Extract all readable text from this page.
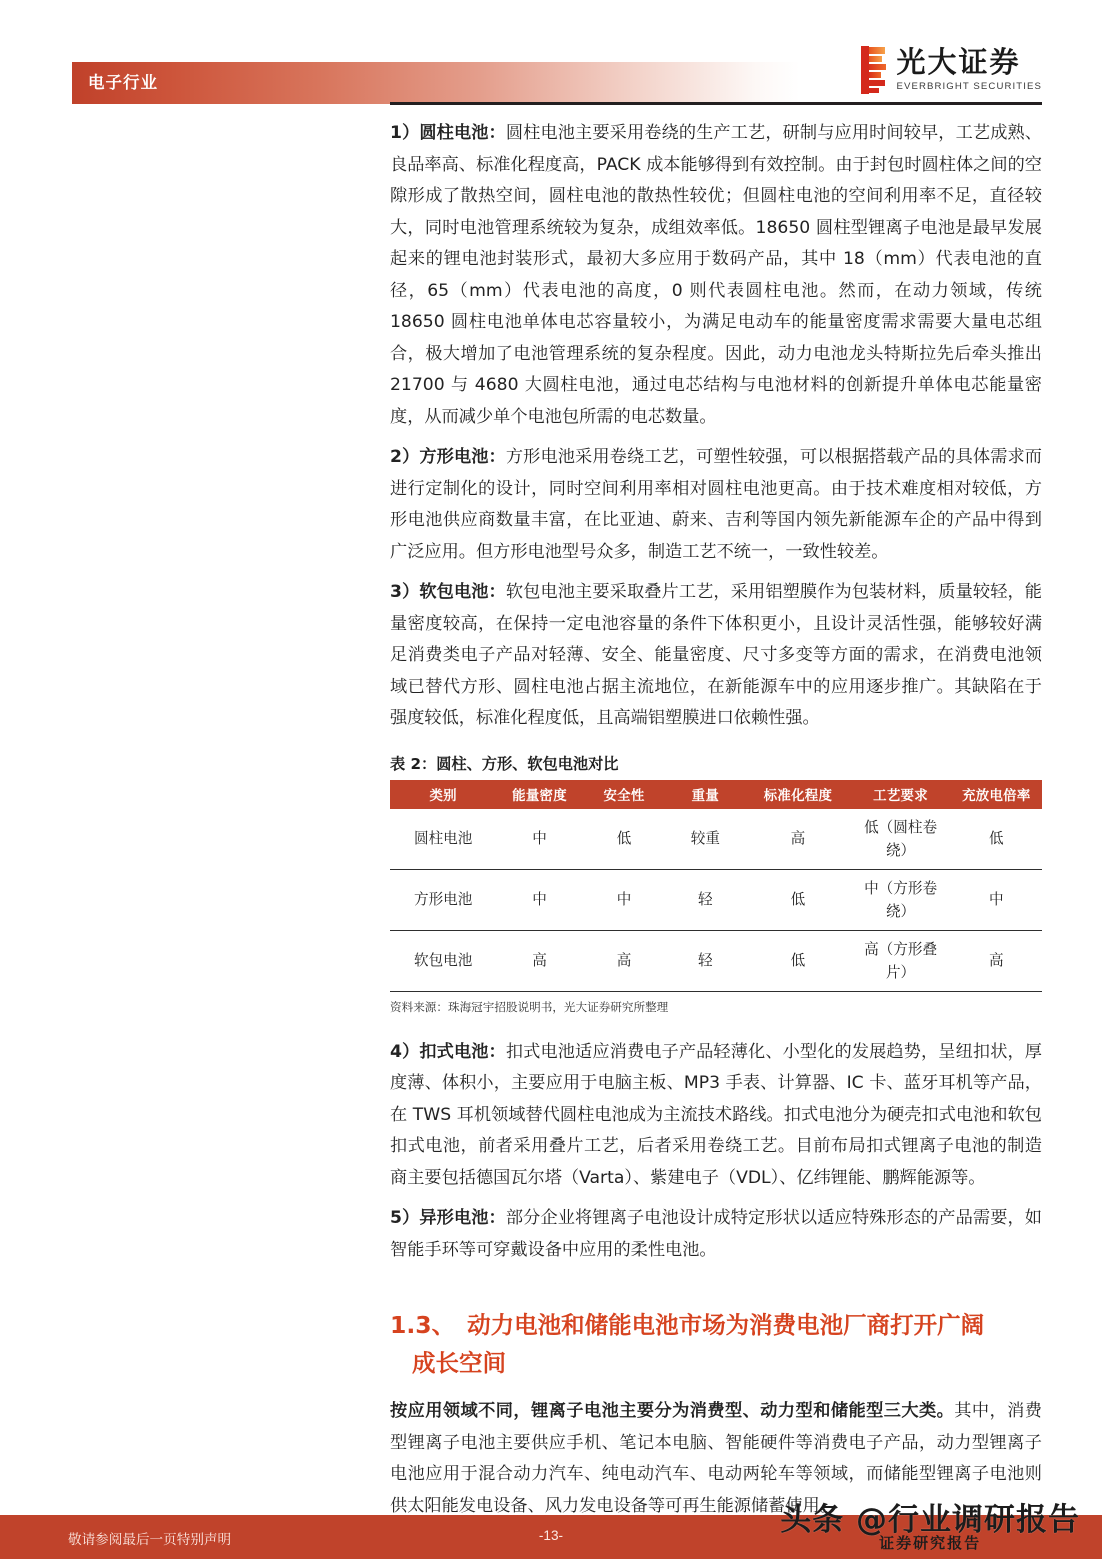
电子行业
光大证券
EVERBRIGHT SECURITIES

1）圆柱电池：圆柱电池主要采用卷绕的生产工艺，研制与应用时间较早，工艺成熟、良品率高、标准化程度高，PACK 成本能够得到有效控制。由于封包时圆柱体之间的空隙形成了散热空间，圆柱电池的散热性较优；但圆柱电池的空间利用率不足，直径较大，同时电池管理系统较为复杂，成组效率低。18650 圆柱型锂离子电池是最早发展起来的锂电池封装形式，最初大多应用于数码产品，其中 18（mm）代表电池的直径，65（mm）代表电池的高度，0 则代表圆柱电池。然而，在动力领域，传统 18650 圆柱电池单体电芯容量较小，为满足电动车的能量密度需求需要大量电芯组合，极大增加了电池管理系统的复杂程度。因此，动力电池龙头特斯拉先后牵头推出 21700 与 4680 大圆柱电池，通过电芯结构与电池材料的创新提升单体电芯能量密度，从而减少单个电池包所需的电芯数量。

2）方形电池：方形电池采用卷绕工艺，可塑性较强，可以根据搭载产品的具体需求而进行定制化的设计，同时空间利用率相对圆柱电池更高。由于技术难度相对较低，方形电池供应商数量丰富，在比亚迪、蔚来、吉利等国内领先新能源车企的产品中得到广泛应用。但方形电池型号众多，制造工艺不统一，一致性较差。

3）软包电池：软包电池主要采取叠片工艺，采用铝塑膜作为包装材料，质量较轻，能量密度较高，在保持一定电池容量的条件下体积更小，且设计灵活性强，能够较好满足消费类电子产品对轻薄、安全、能量密度、尺寸多变等方面的需求，在消费电池领域已替代方形、圆柱电池占据主流地位，在新能源车中的应用逐步推广。其缺陷在于强度较低，标准化程度低，且高端铝塑膜进口依赖性强。

表 2：圆柱、方形、软包电池对比
类别	能量密度	安全性	重量	标准化程度	工艺要求	充放电倍率
圆柱电池	中	低	较重	高	低（圆柱卷绕）	低
方形电池	中	中	轻	低	中（方形卷绕）	中
软包电池	高	高	轻	低	高（方形叠片）	高
资料来源：珠海冠宇招股说明书，光大证券研究所整理

4）扣式电池：扣式电池适应消费电子产品轻薄化、小型化的发展趋势，呈纽扣状，厚度薄、体积小，主要应用于电脑主板、MP3 手表、计算器、IC 卡、蓝牙耳机等产品，在 TWS 耳机领域替代圆柱电池成为主流技术路线。扣式电池分为硬壳扣式电池和软包扣式电池，前者采用叠片工艺，后者采用卷绕工艺。目前布局扣式锂离子电池的制造商主要包括德国瓦尔塔（Varta）、紫建电子（VDL）、亿纬锂能、鹏辉能源等。

5）异形电池：部分企业将锂离子电池设计成特定形状以适应特殊形态的产品需要，如智能手环等可穿戴设备中应用的柔性电池。

1.3、 动力电池和储能电池市场为消费电池厂商打开广阔
成长空间

按应用领域不同，锂离子电池主要分为消费型、动力型和储能型三大类。其中，消费型锂离子电池主要供应手机、笔记本电脑、智能硬件等消费电子产品，动力型锂离子电池应用于混合动力汽车、纯电动汽车、电动两轮车等领域，而储能型锂离子电池则供太阳能发电设备、风力发电设备等可再生能源储蓄使用。

头条 @行业调研报告
证券研究报告
敬请参阅最后一页特别声明	-13-
